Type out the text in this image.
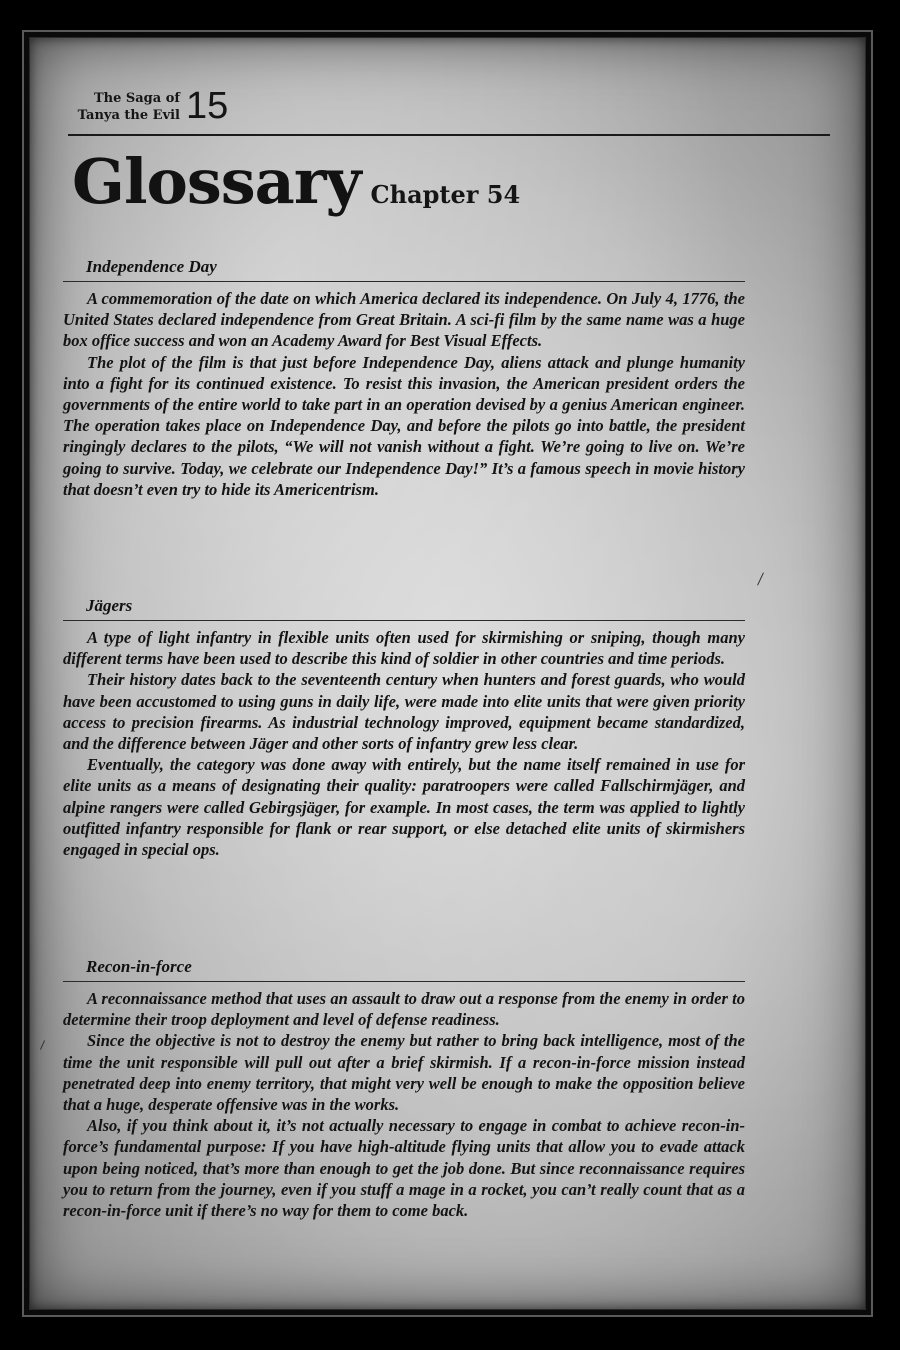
The Saga of
Tanya the Evil 15
Glossary Chapter 54
Independence Day

A commemoration of the date on which America declared its independence. On July 4, 1776, the United States declared independence from Great Britain. A sci-fi film by the same name was a huge box office success and won an Academy Award for Best Visual Effects.

The plot of the film is that just before Independence Day, aliens attack and plunge humanity into a fight for its continued existence. To resist this invasion, the American president orders the governments of the entire world to take part in an operation devised by a genius American engineer. The operation takes place on Independence Day, and before the pilots go into battle, the president ringingly declares to the pilots, “We will not vanish without a fight. We’re going to live on. We’re going to survive. Today, we celebrate our Independence Day!” It’s a famous speech in movie history that doesn’t even try to hide its Americentrism.

Jägers

A type of light infantry in flexible units often used for skirmishing or sniping, though many different terms have been used to describe this kind of soldier in other countries and time periods.

Their history dates back to the seventeenth century when hunters and forest guards, who would have been accustomed to using guns in daily life, were made into elite units that were given priority access to precision firearms. As industrial technology improved, equipment became standardized, and the difference between Jäger and other sorts of infantry grew less clear.

Eventually, the category was done away with entirely, but the name itself remained in use for elite units as a means of designating their quality: paratroopers were called Fallschirmjäger, and alpine rangers were called Gebirgsjäger, for example. In most cases, the term was applied to lightly outfitted infantry responsible for flank or rear support, or else detached elite units of skirmishers engaged in special ops.

Recon-in-force

A reconnaissance method that uses an assault to draw out a response from the enemy in order to determine their troop deployment and level of defense readiness.

Since the objective is not to destroy the enemy but rather to bring back intelligence, most of the time the unit responsible will pull out after a brief skirmish. If a recon-in-force mission instead penetrated deep into enemy territory, that might very well be enough to make the opposition believe that a huge, desperate offensive was in the works.

Also, if you think about it, it’s not actually necessary to engage in combat to achieve recon-in-force’s fundamental purpose: If you have high-altitude flying units that allow you to evade attack upon being noticed, that’s more than enough to get the job done. But since reconnaissance requires you to return from the journey, even if you stuff a mage in a rocket, you can’t really count that as a recon-in-force unit if there’s no way for them to come back.
